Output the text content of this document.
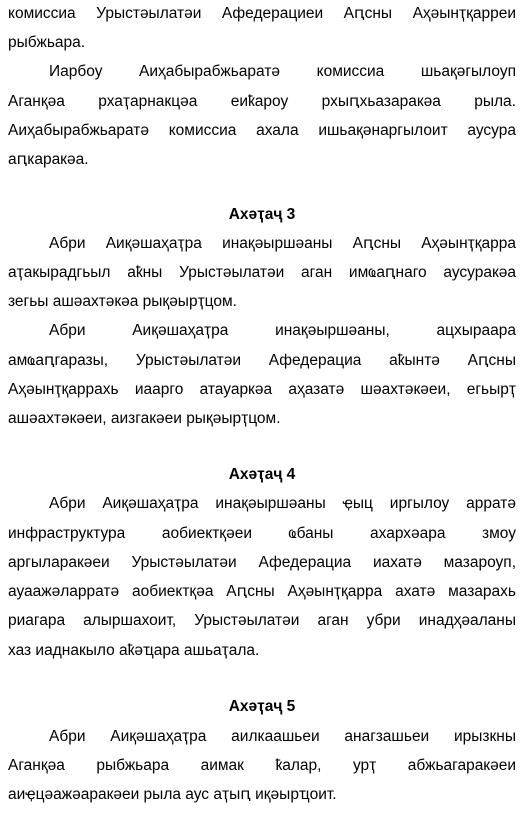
комиссиа Урыстәылатәи Афедерациеи Аԥсны Аҳәынҭқарреи
рыбжьара.
Иарбоу Аиҳабырабжьаратә комиссиа шьақәгылоуп
Аганқәа рхаҭарнакцәа еиҟароу рхыԥхьазаракәа рыла.
Аиҳабырабжьаратә комиссиа ахала ишьақәнаргылоит аусура
аԥкаракәа.
Ахәҭаҷ 3
Абри Аиқәшаҳаҭра инақәыршәаны Аԥсны Аҳәынҭқарра
аҭакырадгьыл аҟны Урыстәылатәи аган имҩаԥнаго аусуракәа
зегьы ашәахтәкәа рықәырҭцом.
Абри Аиқәшаҳаҭра инақәыршәаны, ацхыраара
амҩаԥгаразы, Урыстәылатәи Афедерациа аҟынтә Аԥсны
Аҳәынҭқаррахь иаарго атауаркәа аҳазатә шәахтәкәеи, егьырҭ
ашәахтәкәеи, аизгакәеи рықәырҭцом.
Ахәҭаҷ 4
Абри Аиқәшаҳаҭра инақәыршәаны ҿыц иргылоу арратә
инфраструктура аобиектқәеи ҩбаны ахархәара змоу
аргыларакәеи Урыстәылатәи Афедерациа иахатә мазароуп,
ауаажәларратә аобиектқәа Аԥсны Аҳәынҭқарра ахатә мазарахь
риагара алыршахоит, Урыстәылатәи аган убри инадҳәаланы
хаз иаднакыло аҟәҵара ашьаҭала.
Ахәҭаҷ 5
Абри Аиқәшаҳаҭра аилкаашьеи анагзашьеи ирызкны
Аганқәа рыбжьара аимак ҟалар, урҭ абжьагаракәеи
аиҿцәажәаракәеи рыла аус аҭыԥ иқәырҵоит.
